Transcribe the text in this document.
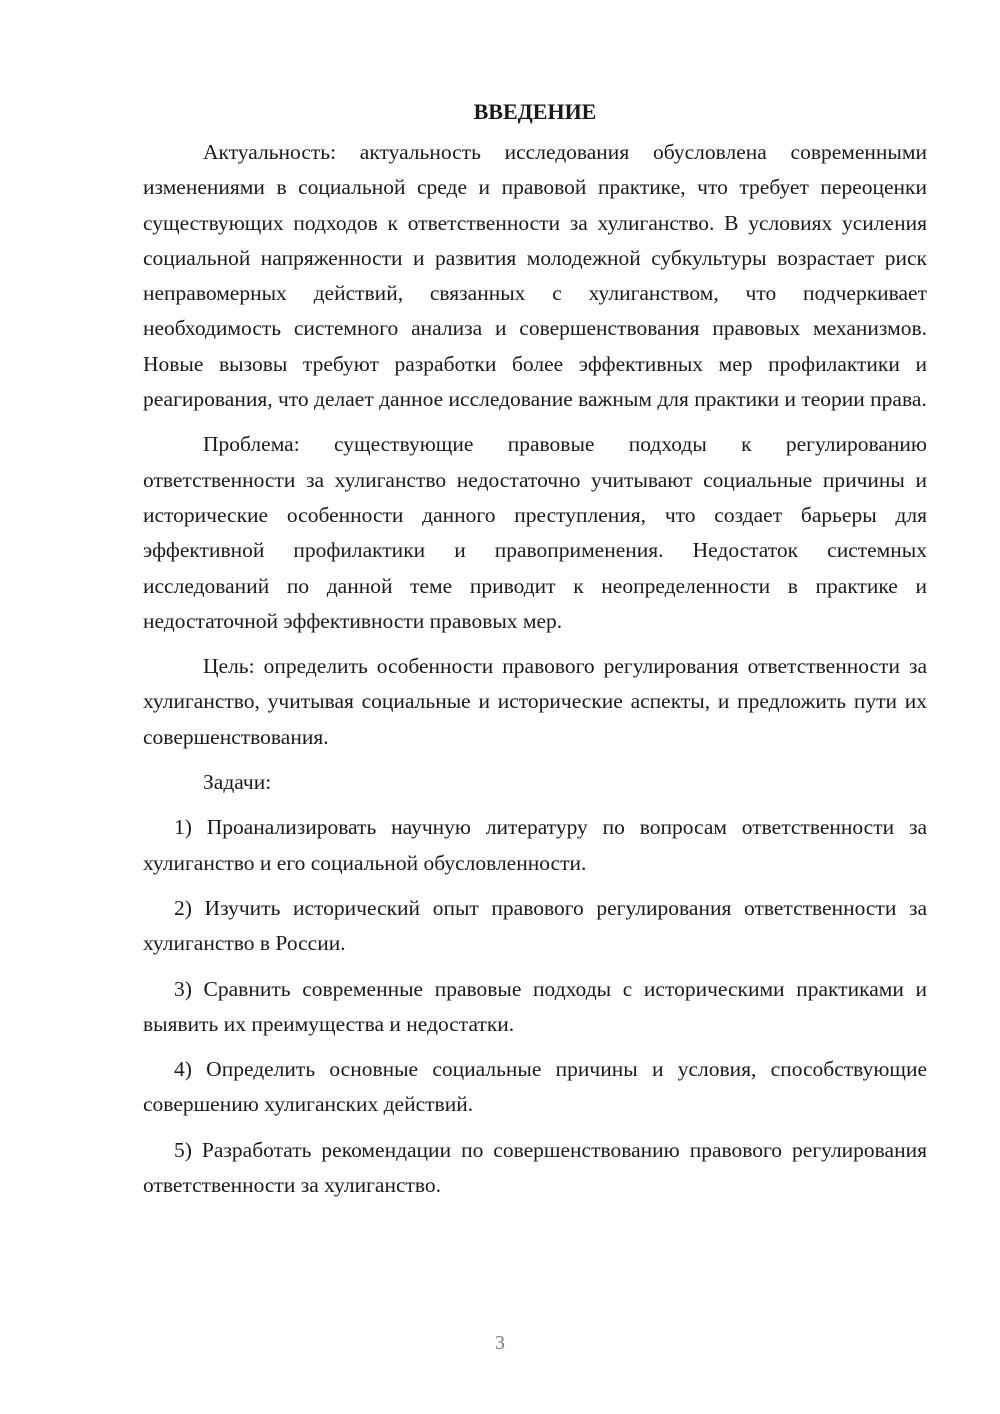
ВВЕДЕНИЕ

Актуальность: актуальность исследования обусловлена современными изменениями в социальной среде и правовой практике, что требует переоценки существующих подходов к ответственности за хулиганство. В условиях усиления социальной напряженности и развития молодежной субкультуры возрастает риск неправомерных действий, связанных с хулиганством, что подчеркивает необходимость системного анализа и совершенствования правовых механизмов. Новые вызовы требуют разработки более эффективных мер профилактики и реагирования, что делает данное исследование важным для практики и теории права.

Проблема: существующие правовые подходы к регулированию ответственности за хулиганство недостаточно учитывают социальные причины и исторические особенности данного преступления, что создает барьеры для эффективной профилактики и правоприменения. Недостаток системных исследований по данной теме приводит к неопределенности в практике и недостаточной эффективности правовых мер.

Цель: определить особенности правового регулирования ответственности за хулиганство, учитывая социальные и исторические аспекты, и предложить пути их совершенствования.

Задачи:

1) Проанализировать научную литературу по вопросам ответственности за хулиганство и его социальной обусловленности.

2) Изучить исторический опыт правового регулирования ответственности за хулиганство в России.

3) Сравнить современные правовые подходы с историческими практиками и выявить их преимущества и недостатки.

4) Определить основные социальные причины и условия, способствующие совершению хулиганских действий.

5) Разработать рекомендации по совершенствованию правового регулирования ответственности за хулиганство.

3
